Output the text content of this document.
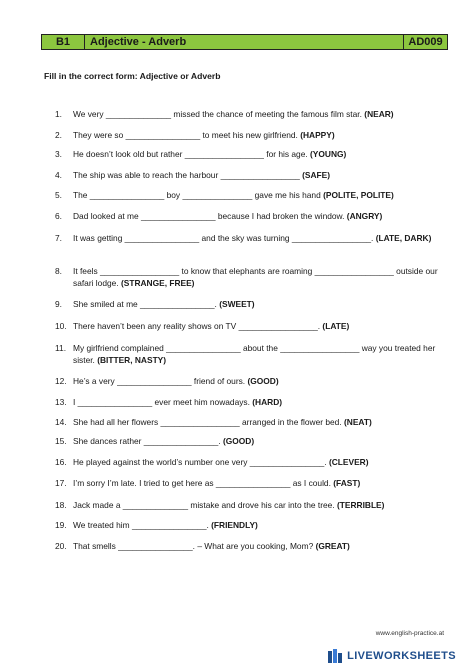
B1	Adjective - Adverb	AD009
Fill in the correct form: Adjective or Adverb
1.	We very ______________ missed the chance of meeting the famous film star. (NEAR)
2.	They were so ________________ to meet his new girlfriend. (HAPPY)
3.	He doesn’t look old but rather _________________ for his age. (YOUNG)
4.	The ship was able to reach the harbour _________________ (SAFE)
5.	The ________________ boy _______________ gave me his hand (POLITE, POLITE)
6.	Dad looked at me ________________ because I had broken the window. (ANGRY)
7.	It was getting ________________ and the sky was turning _________________. (LATE, DARK)
8.	It feels _________________ to know that elephants are roaming _________________ outside our safari lodge. (STRANGE, FREE)
9.	She smiled at me ________________. (SWEET)
10. There haven’t been any reality shows on TV _________________. (LATE)
11. My girlfriend complained ________________ about the _________________ way you treated her sister. (BITTER, NASTY)
12. He’s a very ________________ friend of ours. (GOOD)
13. I ________________ ever meet him nowadays. (HARD)
14. She had all her flowers _________________ arranged in the flower bed. (NEAT)
15. She dances rather ________________. (GOOD)
16. He played against the world’s number one very ________________. (CLEVER)
17. I’m sorry I’m late. I tried to get here as ________________ as I could. (FAST)
18. Jack made a ______________ mistake and drove his car into the tree. (TERRIBLE)
19. We treated him ________________. (FRIENDLY)
20. That smells ________________. – What are you cooking, Mom? (GREAT)
www.english-practice.at
LIVEWORKSHEETS
